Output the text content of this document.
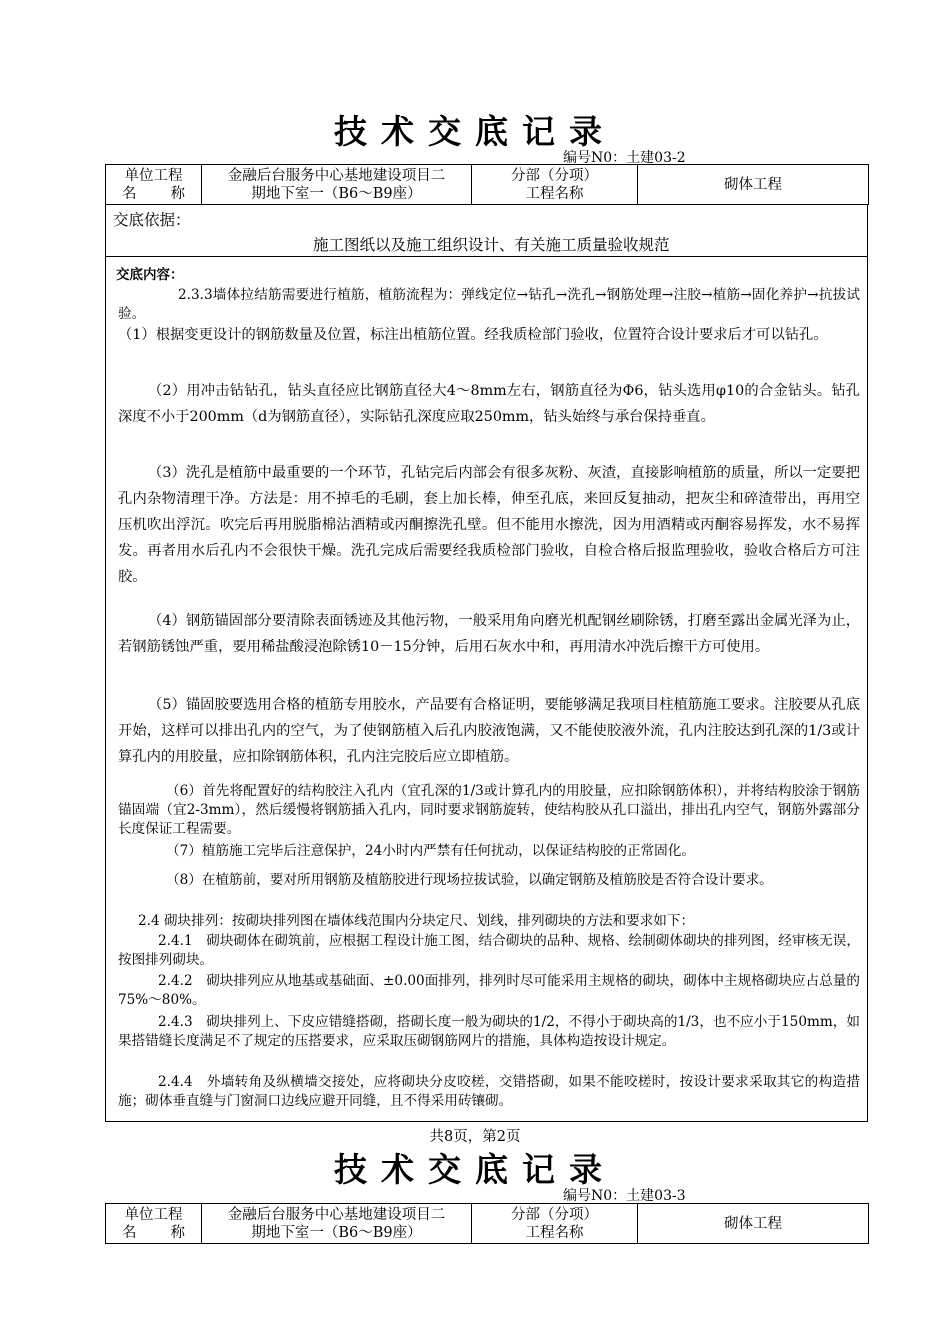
技术交底记录
编号N0：土建03-2
单位工程
名　　称

金融后台服务中心基地建设项目二
期地下室一（B6～B9座）

分部（分项）
工程名称
	砌体工程
交底依据：
施工图纸以及施工组织设计、有关施工质量验收规范
交底内容：

2.3.3墙体拉结筋需要进行植筋，植筋流程为：弹线定位→钻孔→洗孔→钢筋处理→注胶→植筋→固化养护→抗拔试验。

（1）根据变更设计的钢筋数量及位置，标注出植筋位置。经我质检部门验收，位置符合设计要求后才可以钻孔。

（2）用冲击钻钻孔，钻头直径应比钢筋直径大4～8mm左右，钢筋直径为Φ6，钻头选用φ10的合金钻头。钻孔深度不小于200mm（d为钢筋直径），实际钻孔深度应取250mm，钻头始终与承台保持垂直。

（3）洗孔是植筋中最重要的一个环节，孔钻完后内部会有很多灰粉、灰渣，直接影响植筋的质量，所以一定要把孔内杂物清理干净。方法是：用不掉毛的毛刷，套上加长棒，伸至孔底，来回反复抽动，把灰尘和碎渣带出，再用空压机吹出浮沉。吹完后再用脱脂棉沾酒精或丙酮擦洗孔壁。但不能用水擦洗，因为用酒精或丙酮容易挥发，水不易挥发。再者用水后孔内不会很快干燥。洗孔完成后需要经我质检部门验收，自检合格后报监理验收，验收合格后方可注胶。

（4）钢筋锚固部分要清除表面锈迹及其他污物，一般采用角向磨光机配钢丝刷除锈，打磨至露出金属光泽为止，若钢筋锈蚀严重，要用稀盐酸浸泡除锈10－15分钟，后用石灰水中和，再用清水冲洗后擦干方可使用。

（5）锚固胶要选用合格的植筋专用胶水，产品要有合格证明，要能够满足我项目柱植筋施工要求。注胶要从孔底开始，这样可以排出孔内的空气，为了使钢筋植入后孔内胶液饱满，又不能使胶液外流，孔内注胶达到孔深的1/3或计算孔内的用胶量，应扣除钢筋体积，孔内注完胶后应立即植筋。

（6）首先将配置好的结构胶注入孔内（宜孔深的1/3或计算孔内的用胶量，应扣除钢筋体积），并将结构胶涂于钢筋锚固端（宜2-3mm），然后缓慢将钢筋插入孔内，同时要求钢筋旋转，使结构胶从孔口溢出，排出孔内空气，钢筋外露部分长度保证工程需要。

（7）植筋施工完毕后注意保护，24小时内严禁有任何扰动，以保证结构胶的正常固化。

（8）在植筋前，要对所用钢筋及植筋胶进行现场拉拔试验，以确定钢筋及植筋胶是否符合设计要求。

2.4 砌块排列：按砌块排列图在墙体线范围内分块定尺、划线，排列砌块的方法和要求如下：

2.4.1　砌块砌体在砌筑前，应根据工程设计施工图，结合砌块的品种、规格、绘制砌体砌块的排列图，经审核无误，按图排列砌块。

2.4.2　砌块排列应从地基或基础面、±0.00面排列，排列时尽可能采用主规格的砌块，砌体中主规格砌块应占总量的75%～80%。

2.4.3　砌块排列上、下皮应错缝搭砌，搭砌长度一般为砌块的1/2，不得小于砌块高的1/3，也不应小于150mm，如果搭错缝长度满足不了规定的压搭要求，应采取压砌钢筋网片的措施，具体构造按设计规定。

2.4.4　外墙转角及纵横墙交接处，应将砌块分皮咬槎，交错搭砌，如果不能咬槎时，按设计要求采取其它的构造措施；砌体垂直缝与门窗洞口边线应避开同缝，且不得采用砖镶砌。

共8页，第2页
技术交底记录
编号N0：土建03-3
单位工程
名　　称

金融后台服务中心基地建设项目二
期地下室一（B6～B9座）

分部（分项）
工程名称
	砌体工程
